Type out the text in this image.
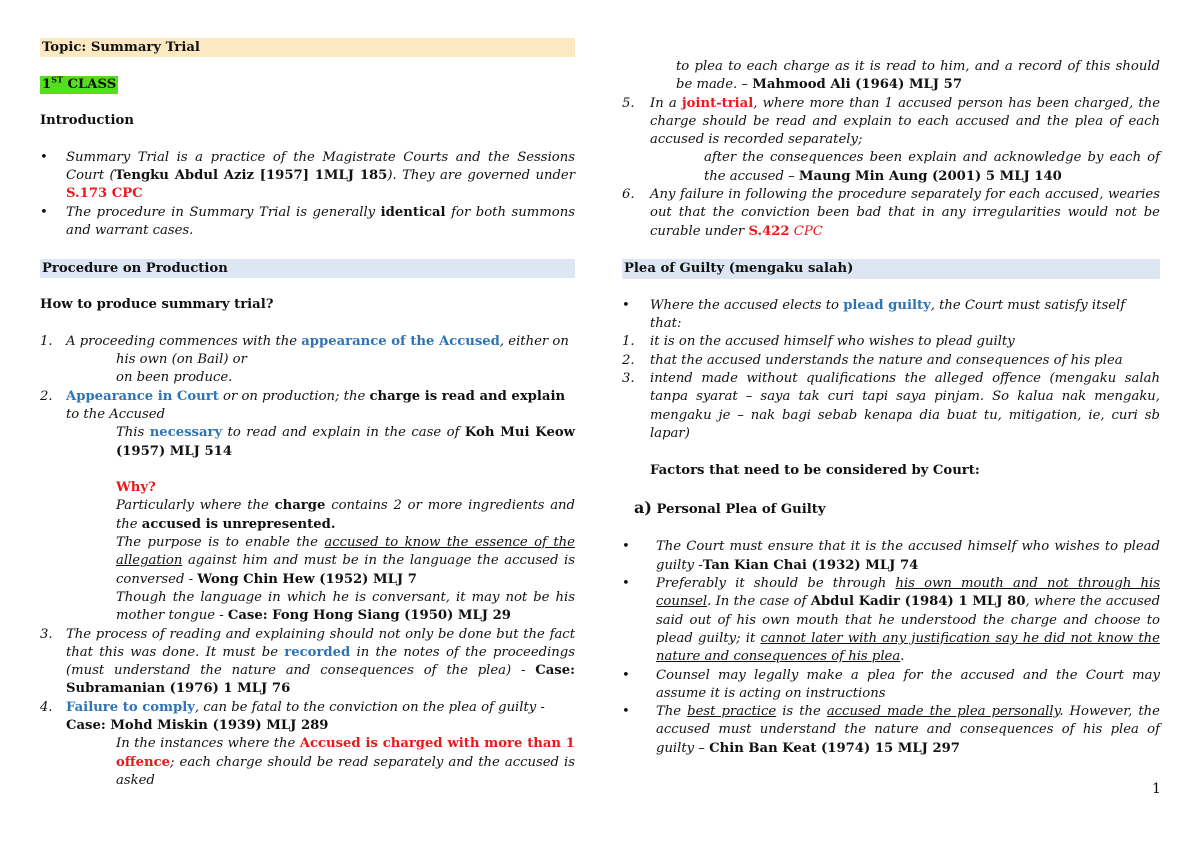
Topic: Summary Trial

1ST CLASS

Introduction

• Summary Trial is a practice of the Magistrate Courts and the Sessions Court (Tengku Abdul Aziz [1957] 1MLJ 185). They are governed under S.173 CPC
• The procedure in Summary Trial is generally identical for both summons and warrant cases.

Procedure on Production

How to produce summary trial?

1. A proceeding commences with the appearance of the Accused, either on

his own (on Bail) or

on been produce.

2. Appearance in Court or on production; the charge is read and explain to the Accused

This necessary to read and explain in the case of Koh Mui Keow (1957) MLJ 514

Why?

Particularly where the charge contains 2 or more ingredients and the accused is unrepresented.

The purpose is to enable the accused to know the essence of the allegation against him and must be in the language the accused is conversed - Wong Chin Hew (1952) MLJ 7

Though the language in which he is conversant, it may not be his mother tongue - Case: Fong Hong Siang (1950) MLJ 29

3. The process of reading and explaining should not only be done but the fact that this was done. It must be recorded in the notes of the proceedings (must understand the nature and consequences of the plea) - Case: Subramanian (1976) 1 MLJ 76
4. Failure to comply, can be fatal to the conviction on the plea of guilty - Case: Mohd Miskin (1939) MLJ 289

In the instances where the Accused is charged with more than 1 offence; each charge should be read separately and the accused is asked

to plea to each charge as it is read to him, and a record of this should be made. – Mahmood Ali (1964) MLJ 57

5. In a joint-trial, where more than 1 accused person has been charged, the charge should be read and explain to each accused and the plea of each accused is recorded separately;

after the consequences been explain and acknowledge by each of the accused – Maung Min Aung (2001) 5 MLJ 140

6. Any failure in following the procedure separately for each accused, wearies out that the conviction been bad that in any irregularities would not be curable under S.422 CPC

Plea of Guilty (mengaku salah)

• Where the accused elects to plead guilty, the Court must satisfy itself that:
1. it is on the accused himself who wishes to plead guilty
2. that the accused understands the nature and consequences of his plea
3. intend made without qualifications the alleged offence (mengaku salah tanpa syarat – saya tak curi tapi saya pinjam. So kalua nak mengaku, mengaku je – nak bagi sebab kenapa dia buat tu, mitigation, ie, curi sb lapar)

Factors that need to be considered by Court:

a) Personal Plea of Guilty

• The Court must ensure that it is the accused himself who wishes to plead guilty -Tan Kian Chai (1932) MLJ 74
• Preferably it should be through his own mouth and not through his counsel. In the case of Abdul Kadir (1984) 1 MLJ 80, where the accused said out of his own mouth that he understood the charge and choose to plead guilty; it cannot later with any justification say he did not know the nature and consequences of his plea.
• Counsel may legally make a plea for the accused and the Court may assume it is acting on instructions
• The best practice is the accused made the plea personally. However, the accused must understand the nature and consequences of his plea of guilty – Chin Ban Keat (1974) 15 MLJ 297
1
